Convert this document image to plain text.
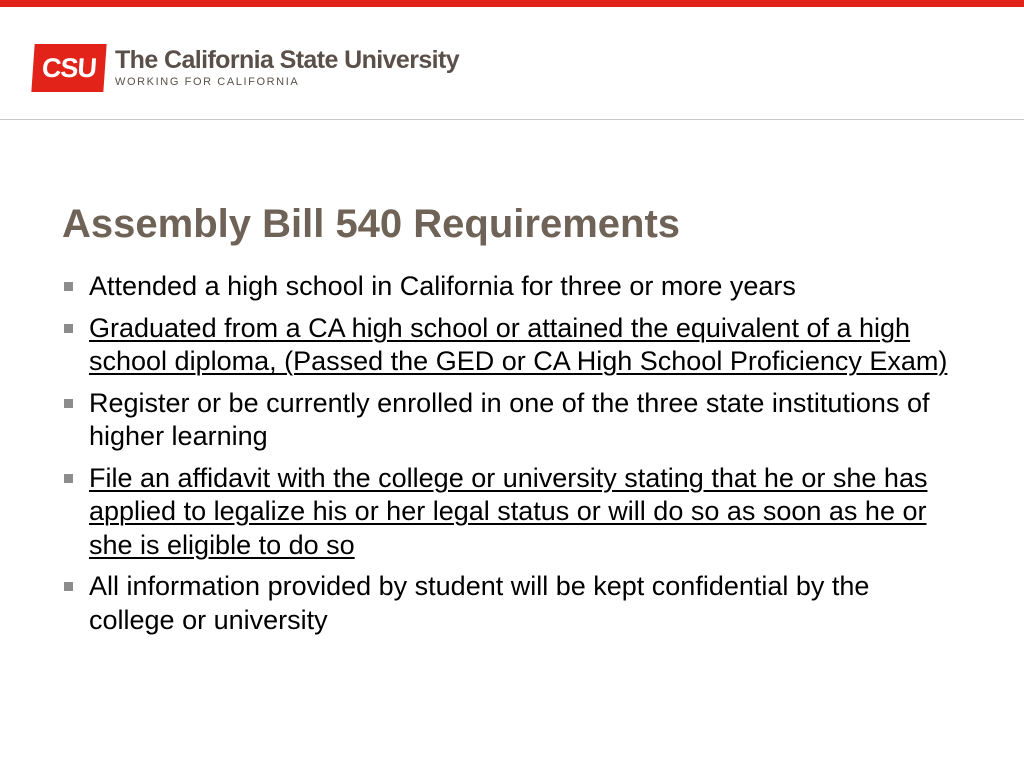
CSU The California State University
WORKING FOR CALIFORNIA
Assembly Bill 540 Requirements
Attended a high school in California for three or more years
Graduated from a CA high school or attained the equivalent of a high school diploma, (Passed the GED or CA High School Proficiency Exam)
Register or be currently enrolled in one of the three state institutions of higher learning
File an affidavit with the college or university stating that he or she has applied to legalize his or her legal status or will do so as soon as he or she is eligible to do so
All information provided by student will be kept confidential by the college or university
